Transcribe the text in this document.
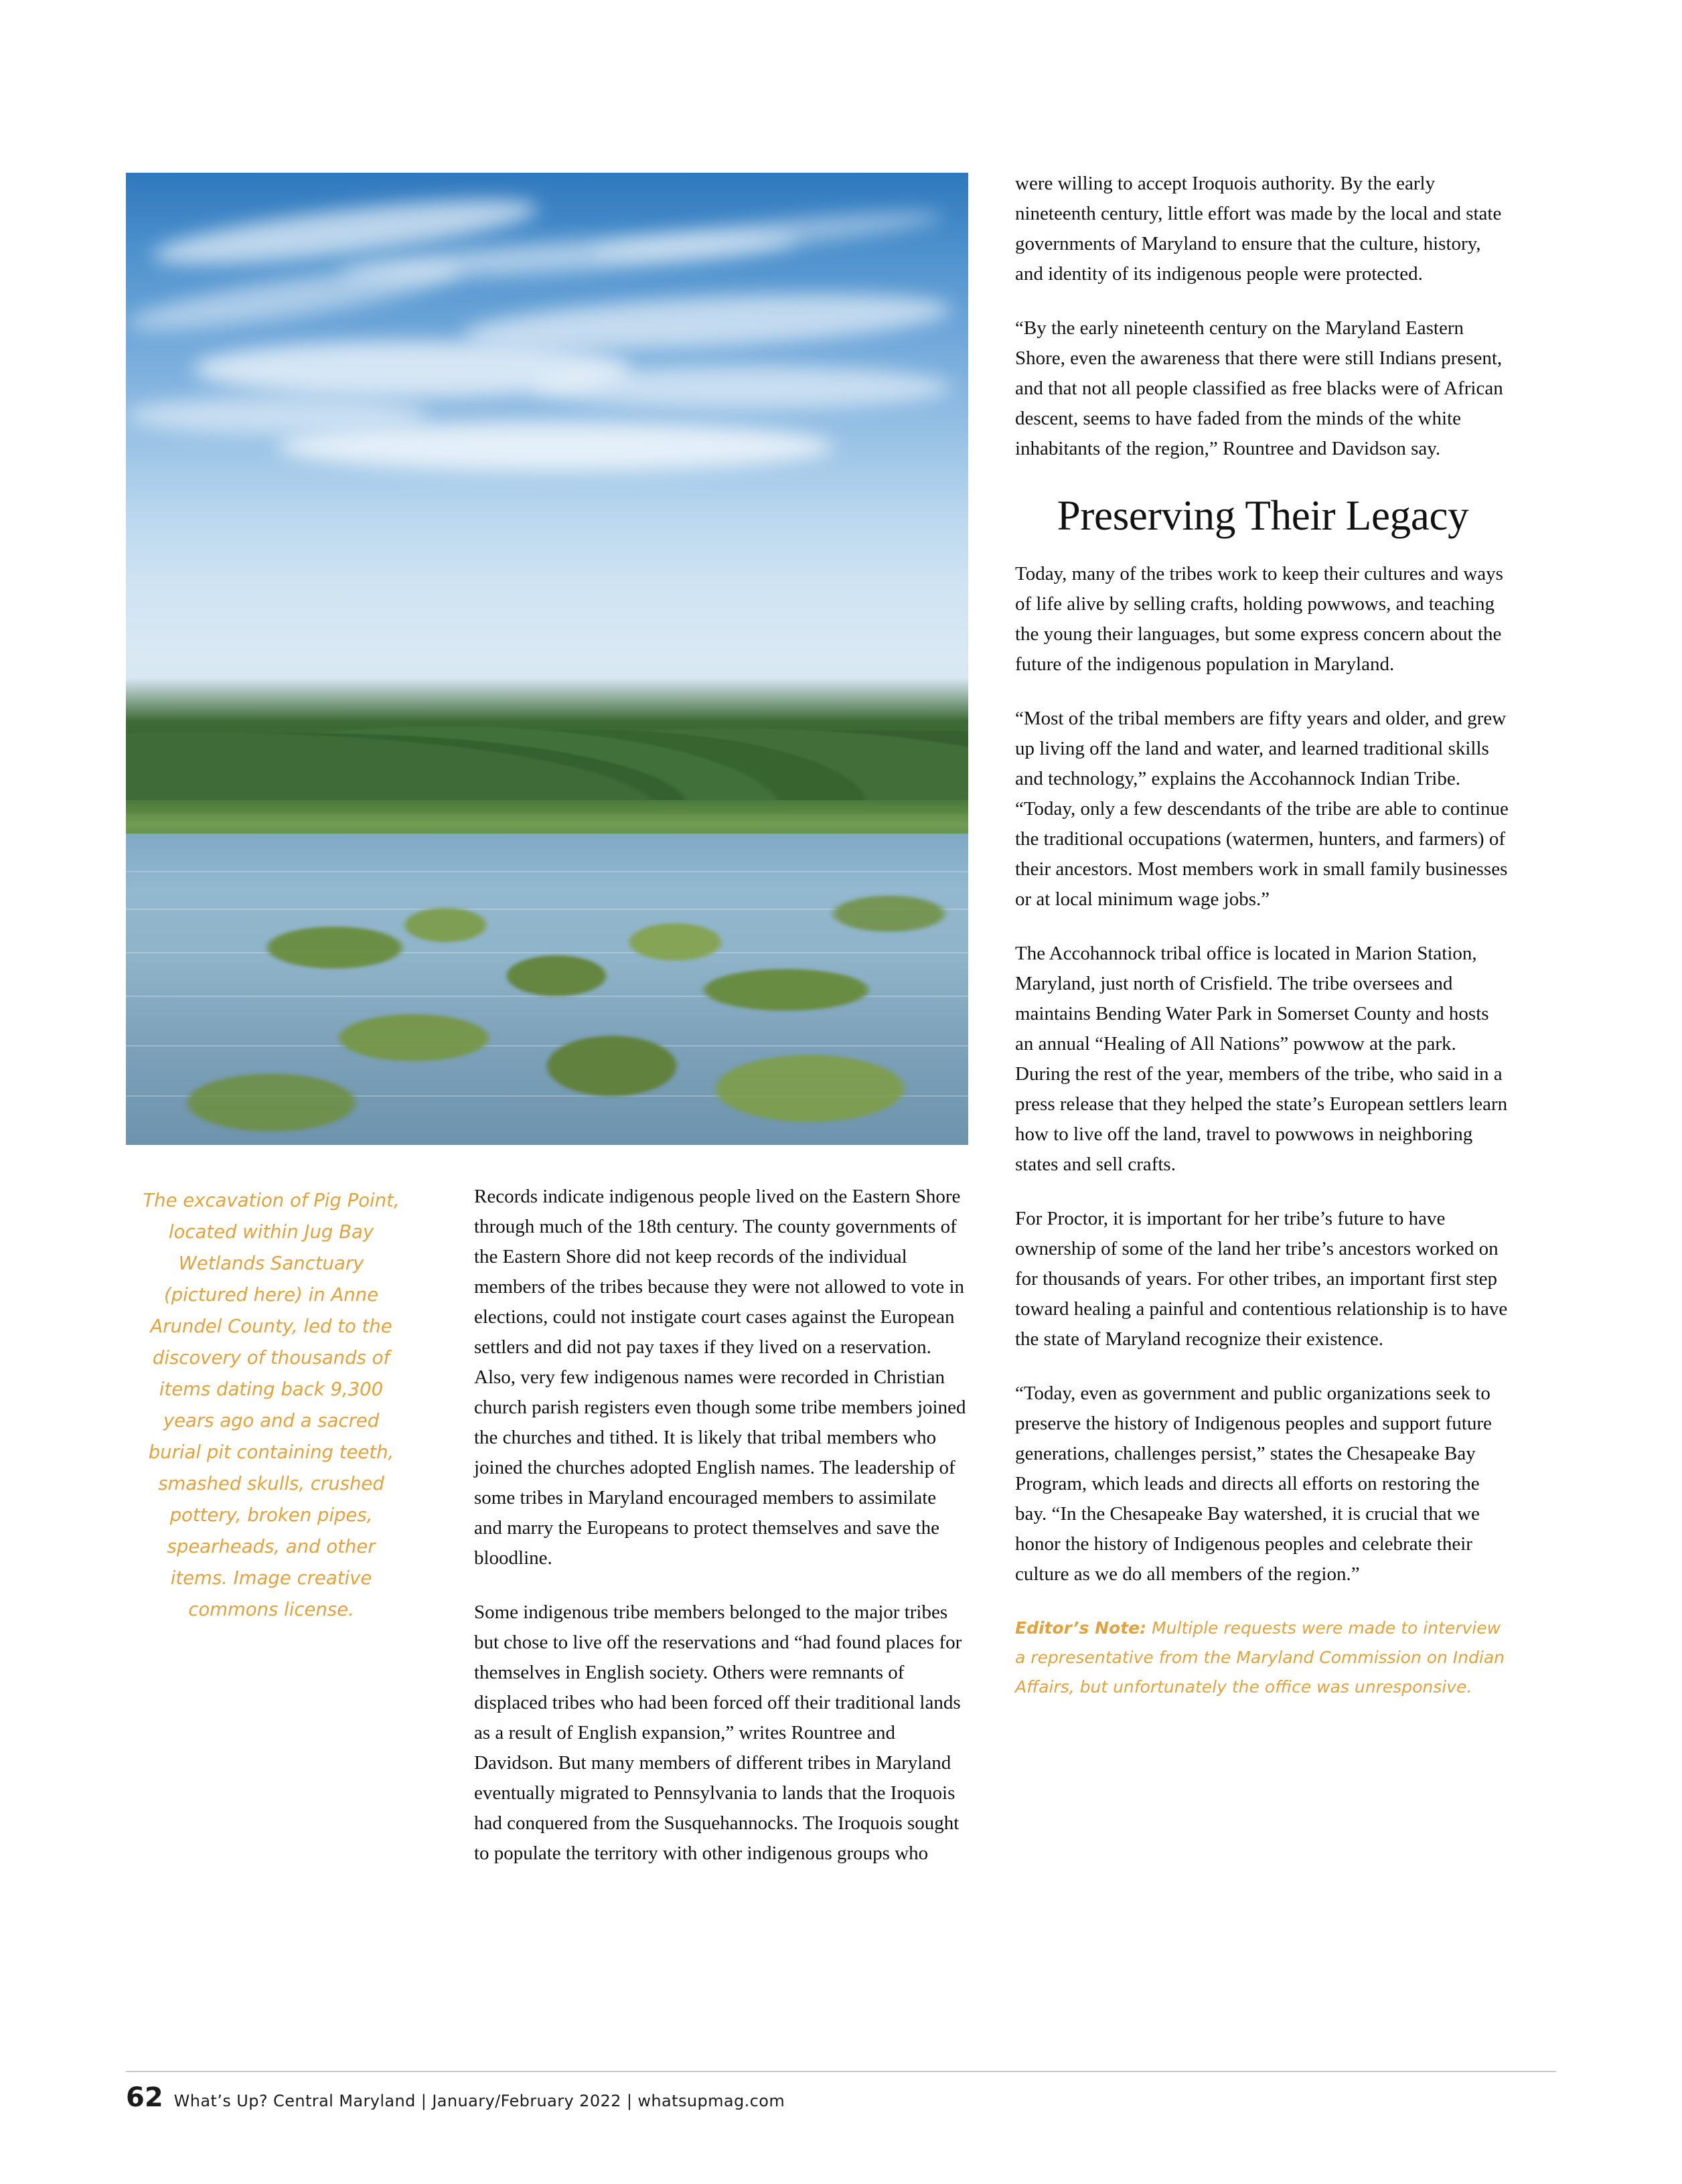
The excavation of Pig Point, located within Jug Bay Wetlands Sanctuary (pictured here) in Anne Arundel County, led to the discovery of thousands of items dating back 9,300 years ago and a sacred burial pit containing teeth, smashed skulls, crushed pottery, broken pipes, spearheads, and other items. Image creative commons license.

Records indicate indigenous people lived on the Eastern Shore through much of the 18th century. The county governments of the Eastern Shore did not keep records of the individual members of the tribes because they were not allowed to vote in elections, could not instigate court cases against the European settlers and did not pay taxes if they lived on a reservation. Also, very few indigenous names were recorded in Christian church parish registers even though some tribe members joined the churches and tithed. It is likely that tribal members who joined the churches adopted English names. The leadership of some tribes in Maryland encouraged members to assimilate and marry the Europeans to protect themselves and save the bloodline.

Some indigenous tribe members belonged to the major tribes but chose to live off the reservations and “had found places for themselves in English society. Others were remnants of displaced tribes who had been forced off their traditional lands as a result of English expansion,” writes Rountree and Davidson. But many members of different tribes in Maryland eventually migrated to Pennsylvania to lands that the Iroquois had conquered from the Susquehannocks. The Iroquois sought to populate the territory with other indigenous groups who

were willing to accept Iroquois authority. By the early nineteenth century, little effort was made by the local and state governments of Maryland to ensure that the culture, history, and identity of its indigenous people were protected.

“By the early nineteenth century on the Maryland Eastern Shore, even the awareness that there were still Indians present, and that not all people classified as free blacks were of African descent, seems to have faded from the minds of the white inhabitants of the region,” Rountree and Davidson say.

Preserving Their Legacy

Today, many of the tribes work to keep their cultures and ways of life alive by selling crafts, holding powwows, and teaching the young their languages, but some express concern about the future of the indigenous population in Maryland.

“Most of the tribal members are fifty years and older, and grew up living off the land and water, and learned traditional skills and technology,” explains the Accohannock Indian Tribe. “Today, only a few descendants of the tribe are able to continue the traditional occupations (watermen, hunters, and farmers) of their ancestors. Most members work in small family businesses or at local minimum wage jobs.”

The Accohannock tribal office is located in Marion Station, Maryland, just north of Crisfield. The tribe oversees and maintains Bending Water Park in Somerset County and hosts an annual “Healing of All Nations” powwow at the park. During the rest of the year, members of the tribe, who said in a press release that they helped the state’s European settlers learn how to live off the land, travel to powwows in neighboring states and sell crafts.

For Proctor, it is important for her tribe’s future to have ownership of some of the land her tribe’s ancestors worked on for thousands of years. For other tribes, an important first step toward healing a painful and contentious relationship is to have the state of Maryland recognize their existence.

“Today, even as government and public organizations seek to preserve the history of Indigenous peoples and support future generations, challenges persist,” states the Chesapeake Bay Program, which leads and directs all efforts on restoring the bay. “In the Chesapeake Bay watershed, it is crucial that we honor the history of Indigenous peoples and celebrate their culture as we do all members of the region.”

Editor’s Note: Multiple requests were made to interview a representative from the Maryland Commission on Indian Affairs, but unfortunately the office was unresponsive.

62 What’s Up? Central Maryland | January/February 2022 | whatsupmag.com
